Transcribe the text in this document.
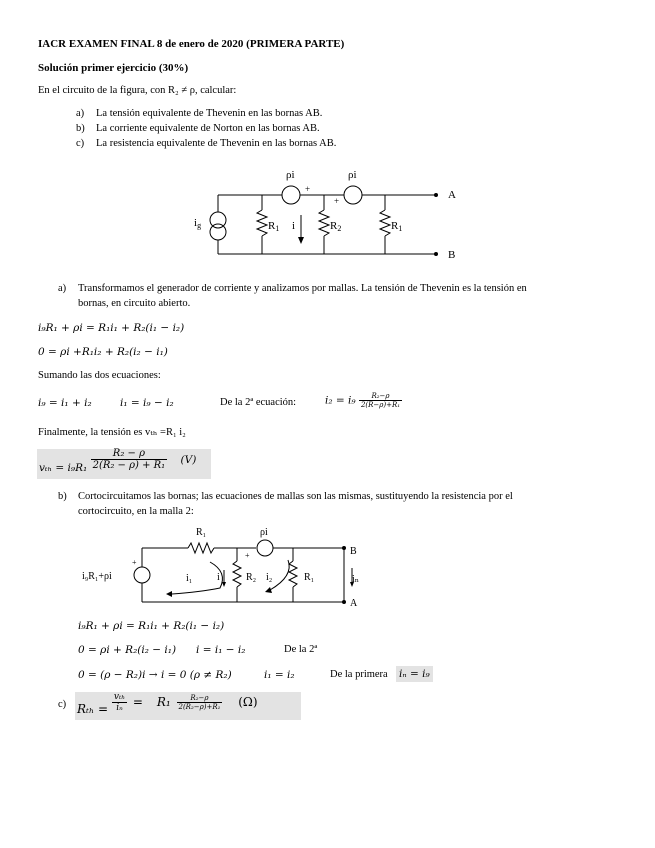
IACR EXAMEN FINAL 8 de enero de 2020 (PRIMERA PARTE)
Solución primer ejercicio (30%)
En el circuito de la figura, con R₂ ≠ ρ, calcular:
a) La tensión equivalente de Thevenin en las bornas AB.
b) La corriente equivalente de Norton en las bornas AB.
c) La resistencia equivalente de Thevenin en las bornas AB.
ρi	ρi
+
+
ig	R1	R2	R1
i
A
B
a) Transformamos el generador de corriente y analizamos por mallas. La tensión de Thevenin es la tensión en
bornas, en circuito abierto.
i₉R₁ + ρi = R₁i₁ + R₂(i₁ − i₂)
0 = ρi +R₁i₂ + R₂(i₂ − i₁)
Sumando las dos ecuaciones:
i₉ = i₁ + i₂	i₁ = i₉ − i₂	De la 2ª ecuación:	$i_2 = i_9 \frac{\text{R₂−ρ}}{\text{2(R−ρ)+R₁}}$
Finalmente, la tensión es vₜₕ =R₁ i₂
$v_{th} = i_9R_1 \frac{\text{R₂ − ρ}}{\text{2(R₂ − ρ) + R₁}} (V)$
b) Cortocircuitamos las bornas; las ecuaciones de mallas son las mismas, sustituyendo la resistencia por el
cortocircuito, en la malla 2:
i₉R₁+ρi
+
R₁	ρi
+
i₁ i	R₂ i₂	R₁	iₙ
B
A
i₉R₁ + ρi = R₁i₁ + R₂(i₁ − i₂)
0 = ρi + R₂(i₂ − i₁) i = i₁ − i₂	De la 2ª
0 = (ρ − R₂)i → i = 0 (ρ ≠ R₂)	i₁ = i₂	De la primera iₙ = i₉
c) $R_{th} = \frac{\text{vₜₕ}}{\text{iₙ}} = R_1 \frac{\text{R₂−ρ}}{\text{2(R₂−ρ)+R₁}} (\Omega)$
